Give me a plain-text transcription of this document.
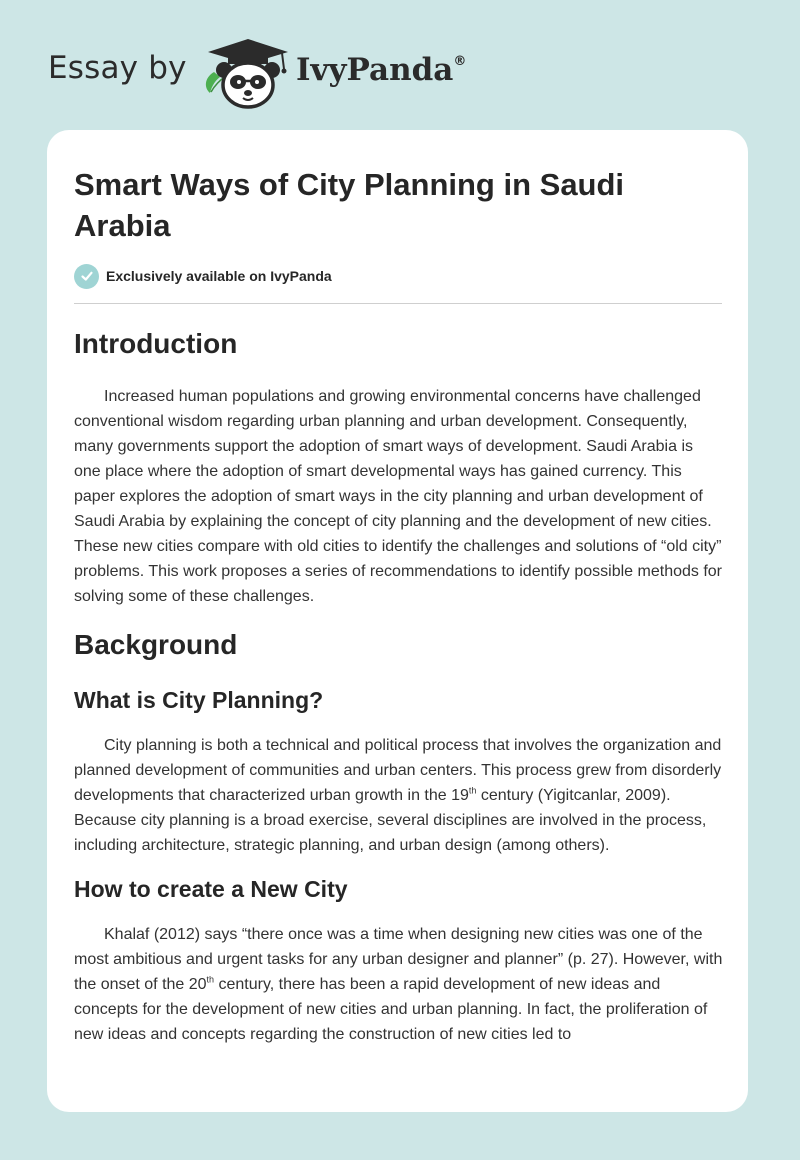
Essay by	IvyPanda®
Smart Ways of City Planning in Saudi Arabia
Exclusively available on IvyPanda
Introduction

Increased human populations and growing environmental concerns have challenged conventional wisdom regarding urban planning and urban development. Consequently, many governments support the adoption of smart ways of development. Saudi Arabia is one place where the adoption of smart developmental ways has gained currency. This paper explores the adoption of smart ways in the city planning and urban development of Saudi Arabia by explaining the concept of city planning and the development of new cities. These new cities compare with old cities to identify the challenges and solutions of “old city” problems. This work proposes a series of recommendations to identify possible methods for solving some of these challenges.

Background
What is City Planning?

City planning is both a technical and political process that involves the organization and planned development of communities and urban centers. This process grew from disorderly developments that characterized urban growth in the 19th century (Yigitcanlar, 2009). Because city planning is a broad exercise, several disciplines are involved in the process, including architecture, strategic planning, and urban design (among others).

How to create a New City

Khalaf (2012) says “there once was a time when designing new cities was one of the most ambitious and urgent tasks for any urban designer and planner” (p. 27). However, with the onset of the 20th century, there has been a rapid development of new ideas and concepts for the development of new cities and urban planning. In fact, the proliferation of new ideas and concepts regarding the construction of new cities led to
